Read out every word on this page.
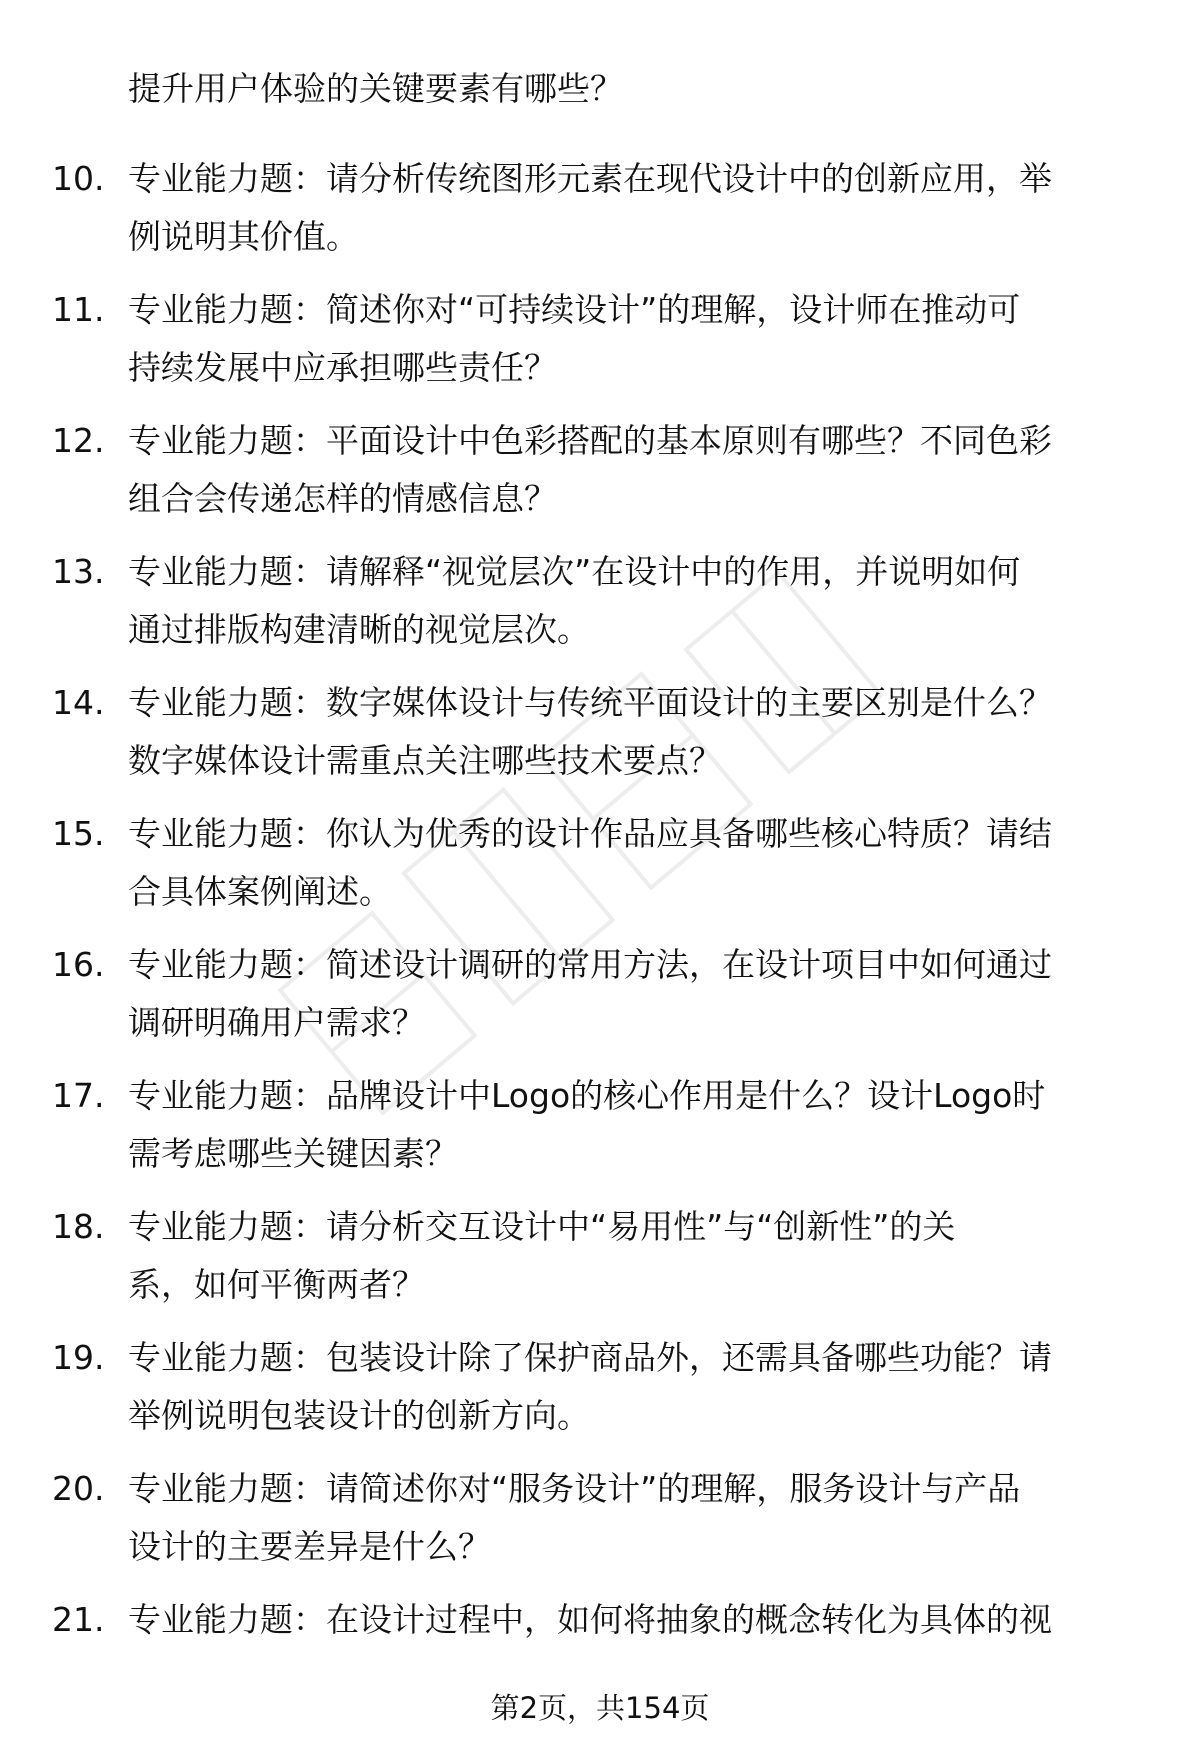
提升用户体验的关键要素有哪些？
10. 专业能力题：请分析传统图形元素在现代设计中的创新应用，举
例说明其价值。
11. 专业能力题：简述你对“可持续设计”的理解，设计师在推动可
持续发展中应承担哪些责任？
12. 专业能力题：平面设计中色彩搭配的基本原则有哪些？不同色彩
组合会传递怎样的情感信息？
13. 专业能力题：请解释“视觉层次”在设计中的作用，并说明如何
通过排版构建清晰的视觉层次。
14. 专业能力题：数字媒体设计与传统平面设计的主要区别是什么？
数字媒体设计需重点关注哪些技术要点？
15. 专业能力题：你认为优秀的设计作品应具备哪些核心特质？请结
合具体案例阐述。
16. 专业能力题：简述设计调研的常用方法，在设计项目中如何通过
调研明确用户需求？
17. 专业能力题：品牌设计中Logo的核心作用是什么？设计Logo时
需考虑哪些关键因素？
18. 专业能力题：请分析交互设计中“易用性”与“创新性”的关
系，如何平衡两者？
19. 专业能力题：包装设计除了保护商品外，还需具备哪些功能？请
举例说明包装设计的创新方向。
20. 专业能力题：请简述你对“服务设计”的理解，服务设计与产品
设计的主要差异是什么？
21. 专业能力题：在设计过程中，如何将抽象的概念转化为具体的视
第2页，共154页
